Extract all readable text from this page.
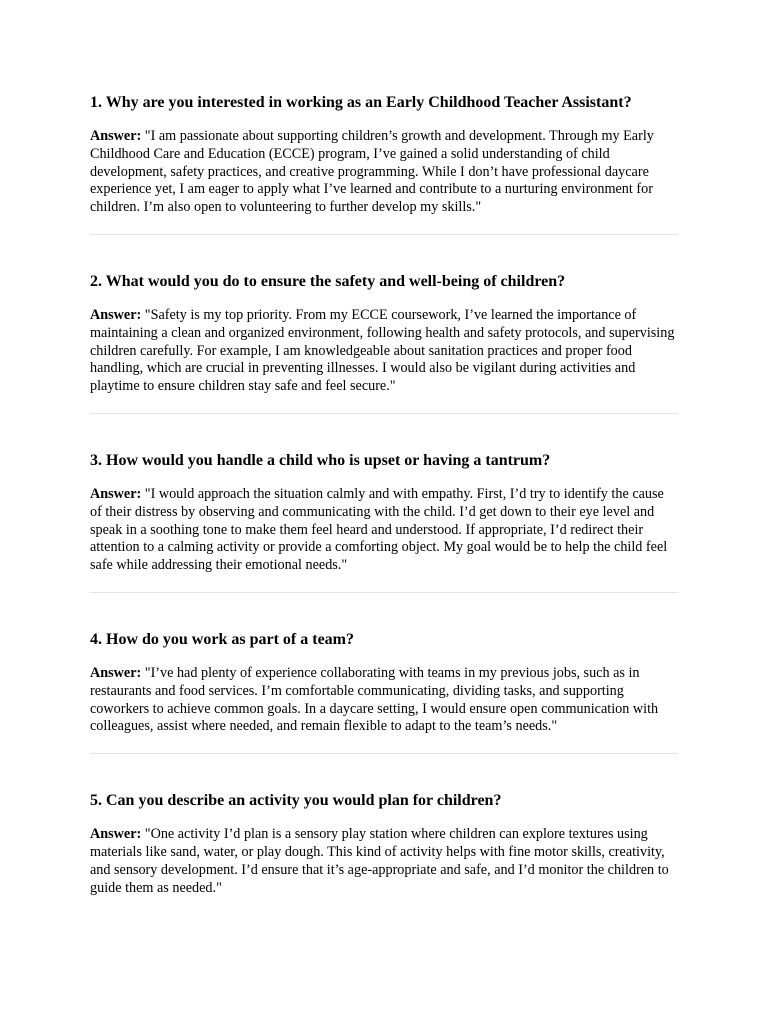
1. Why are you interested in working as an Early Childhood Teacher Assistant?

Answer: "I am passionate about supporting children’s growth and development. Through my Early Childhood Care and Education (ECCE) program, I’ve gained a solid understanding of child development, safety practices, and creative programming. While I don’t have professional daycare experience yet, I am eager to apply what I’ve learned and contribute to a nurturing environment for children. I’m also open to volunteering to further develop my skills."

2. What would you do to ensure the safety and well-being of children?

Answer: "Safety is my top priority. From my ECCE coursework, I’ve learned the importance of maintaining a clean and organized environment, following health and safety protocols, and supervising children carefully. For example, I am knowledgeable about sanitation practices and proper food handling, which are crucial in preventing illnesses. I would also be vigilant during activities and playtime to ensure children stay safe and feel secure."

3. How would you handle a child who is upset or having a tantrum?

Answer: "I would approach the situation calmly and with empathy. First, I’d try to identify the cause of their distress by observing and communicating with the child. I’d get down to their eye level and speak in a soothing tone to make them feel heard and understood. If appropriate, I’d redirect their attention to a calming activity or provide a comforting object. My goal would be to help the child feel safe while addressing their emotional needs."

4. How do you work as part of a team?

Answer: "I’ve had plenty of experience collaborating with teams in my previous jobs, such as in restaurants and food services. I’m comfortable communicating, dividing tasks, and supporting coworkers to achieve common goals. In a daycare setting, I would ensure open communication with colleagues, assist where needed, and remain flexible to adapt to the team’s needs."

5. Can you describe an activity you would plan for children?

Answer: "One activity I’d plan is a sensory play station where children can explore textures using materials like sand, water, or play dough. This kind of activity helps with fine motor skills, creativity, and sensory development. I’d ensure that it’s age-appropriate and safe, and I’d monitor the children to guide them as needed."
